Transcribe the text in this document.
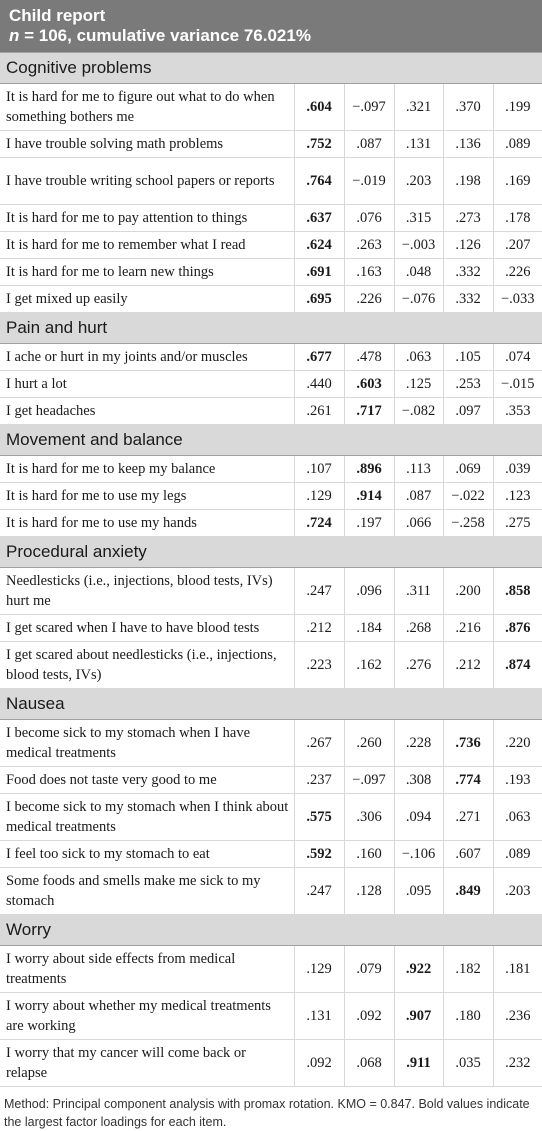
Child report					
n = 106, cumulative variance 76.021%					
Cognitive problems					
It is hard for me to figure out what to do when something bothers me	.604	−.097	.321	.370	.199
I have trouble solving math problems	.752	.087	.131	.136	.089
I have trouble writing school papers or reports	.764	−.019	.203	.198	.169
It is hard for me to pay attention to things	.637	.076	.315	.273	.178
It is hard for me to remember what I read	.624	.263	−.003	.126	.207
It is hard for me to learn new things	.691	.163	.048	.332	.226
I get mixed up easily	.695	.226	−.076	.332	−.033
Pain and hurt					
I ache or hurt in my joints and/or muscles	.677	.478	.063	.105	.074
I hurt a lot	.440	.603	.125	.253	−.015
I get headaches	.261	.717	−.082	.097	.353
Movement and balance					
It is hard for me to keep my balance	.107	.896	.113	.069	.039
It is hard for me to use my legs	.129	.914	.087	−.022	.123
It is hard for me to use my hands	.724	.197	.066	−.258	.275
Procedural anxiety					
Needlesticks (i.e., injections, blood tests, IVs) hurt me	.247	.096	.311	.200	.858
I get scared when I have to have blood tests	.212	.184	.268	.216	.876
I get scared about needlesticks (i.e., injections, blood tests, IVs)	.223	.162	.276	.212	.874
Nausea					
I become sick to my stomach when I have medical treatments	.267	.260	.228	.736	.220
Food does not taste very good to me	.237	−.097	.308	.774	.193
I become sick to my stomach when I think about medical treatments	.575	.306	.094	.271	.063
I feel too sick to my stomach to eat	.592	.160	−.106	.607	.089
Some foods and smells make me sick to my stomach	.247	.128	.095	.849	.203
Worry					
I worry about side effects from medical treatments	.129	.079	.922	.182	.181
I worry about whether my medical treatments are working	.131	.092	.907	.180	.236
I worry that my cancer will come back or relapse	.092	.068	.911	.035	.232
Method: Principal component analysis with promax rotation. KMO = 0.847. Bold values indicate the largest factor loadings for each item.
